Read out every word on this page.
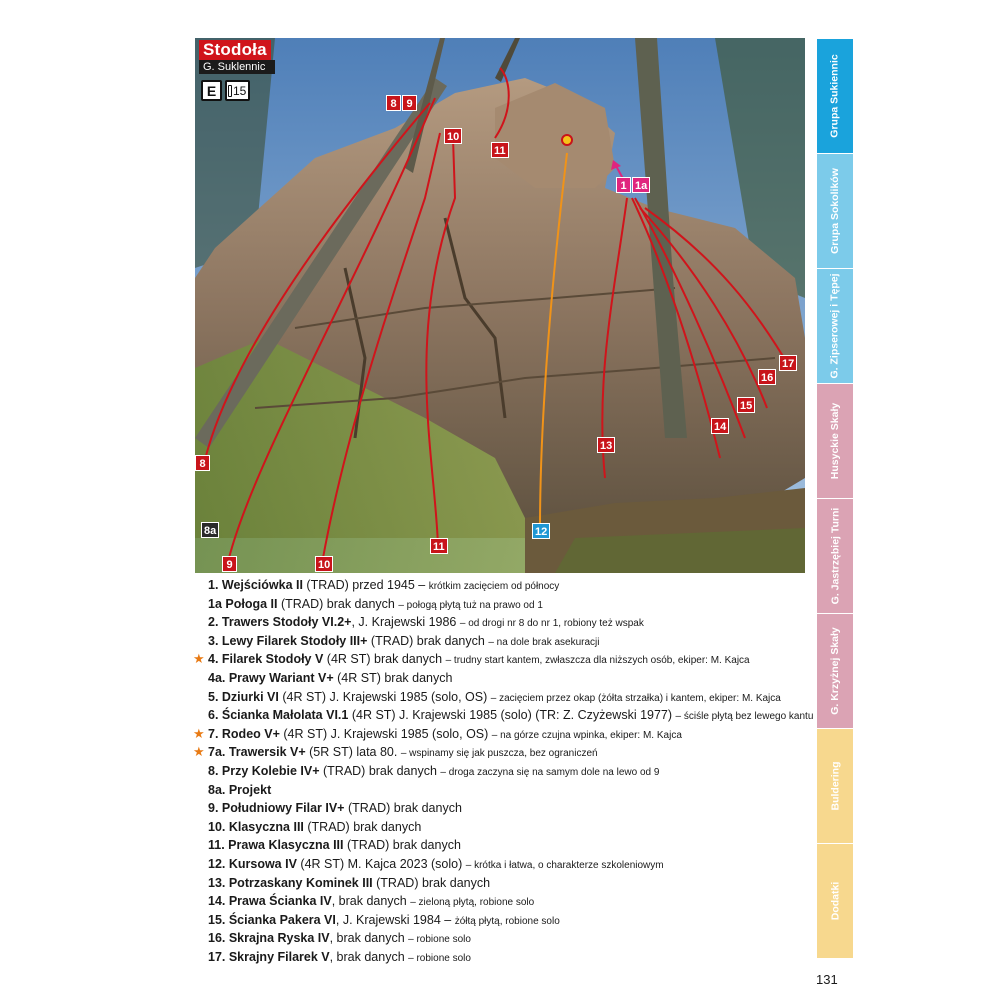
Stodoła
G. Suklennic
E	15
8 9
10
11
1 1a
13
14
15
16
17
8
8a
9	10
11
12
1. Wejściówka II (TRAD) przed 1945 – krótkim zacięciem od północy
1a Połoga II (TRAD) brak danych – połogą płytą tuż na prawo od 1
2. Trawers Stodoły VI.2+, J. Krajewski 1986 – od drogi nr 8 do nr 1, robiony też wspak
3. Lewy Filarek Stodoły III+ (TRAD) brak danych – na dole brak asekuracji
★ 4. Filarek Stodoły V (4R ST) brak danych – trudny start kantem, zwłaszcza dla niższych osób, ekiper: M. Kajca
4a. Prawy Wariant V+ (4R ST) brak danych
5. Dziurki VI (4R ST) J. Krajewski 1985 (solo, OS) – zacięciem przez okap (żółta strzałka) i kantem, ekiper: M. Kajca
6. Ścianka Małolata VI.1 (4R ST) J. Krajewski 1985 (solo) (TR: Z. Czyżewski 1977) – ściśle płytą bez lewego kantu
★ 7. Rodeo V+ (4R ST) J. Krajewski 1985 (solo, OS) – na górze czujna wpinka, ekiper: M. Kajca
★ 7a. Trawersik V+ (5R ST) lata 80. – wspinamy się jak puszcza, bez ograniczeń
8. Przy Kolebie IV+ (TRAD) brak danych – droga zaczyna się na samym dole na lewo od 9
8a. Projekt
9. Południowy Filar IV+ (TRAD) brak danych
10. Klasyczna III (TRAD) brak danych
11. Prawa Klasyczna III (TRAD) brak danych
12. Kursowa IV (4R ST) M. Kajca 2023 (solo) – krótka i łatwa, o charakterze szkoleniowym
13. Potrzaskany Kominek III (TRAD) brak danych
14. Prawa Ścianka IV, brak danych – zieloną płytą, robione solo
15. Ścianka Pakera VI, J. Krajewski 1984 – żółtą płytą, robione solo
16. Skrajna Ryska IV, brak danych – robione solo
17. Skrajny Filarek V, brak danych – robione solo
Grupa Sukiennic
Grupa Sokolików
G. Zipserowej i Tępej
Husyckie Skały
G. Jastrzębiej Turni
G. Krzyżnej Skały
Buldering
Dodatki
131
